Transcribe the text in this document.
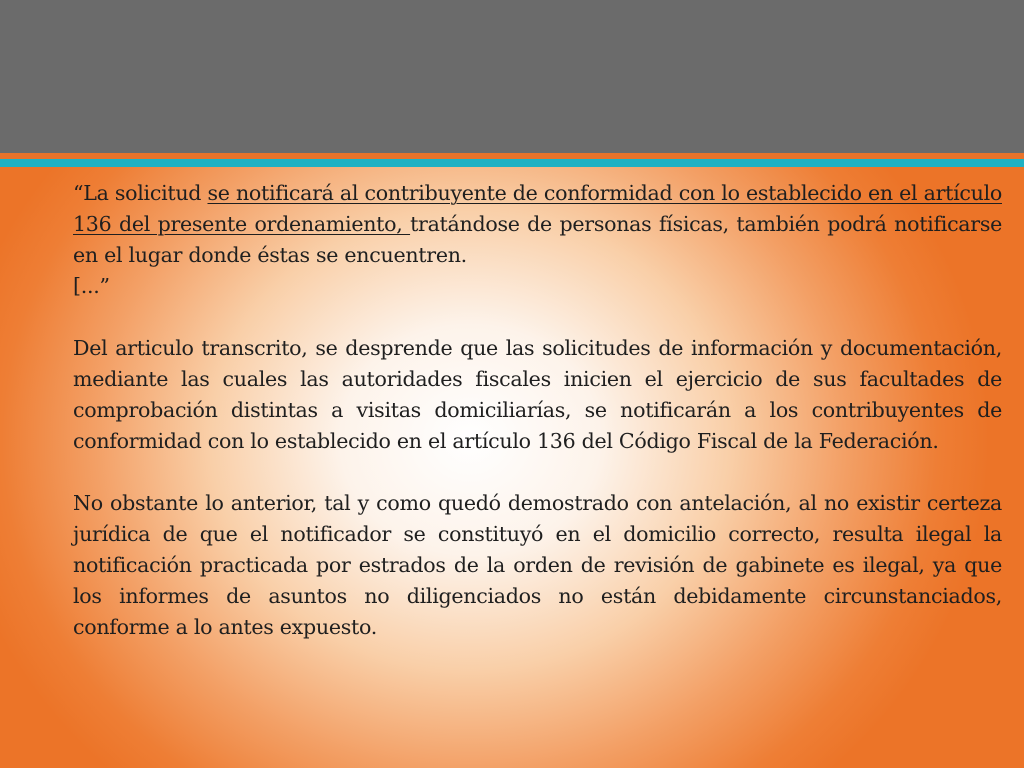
“La solicitud se notificará al contribuyente de conformidad con lo establecido en el artículo 136 del presente ordenamiento, tratándose de personas físicas, también podrá notificarse en el lugar donde éstas se encuentren.

[...”

Del articulo transcrito, se desprende que las solicitudes de información y documentación, mediante las cuales las autoridades fiscales inicien el ejercicio de sus facultades de comprobación distintas a visitas domiciliarías, se notificarán a los contribuyentes de conformidad con lo establecido en el artículo 136 del Código Fiscal de la Federación.

No obstante lo anterior, tal y como quedó demostrado con antelación, al no existir certeza jurídica de que el notificador se constituyó en el domicilio correcto, resulta ilegal la notificación practicada por estrados de la orden de revisión de gabinete es ilegal, ya que los informes de asuntos no diligenciados no están debidamente circunstanciados, conforme a lo antes expuesto.
